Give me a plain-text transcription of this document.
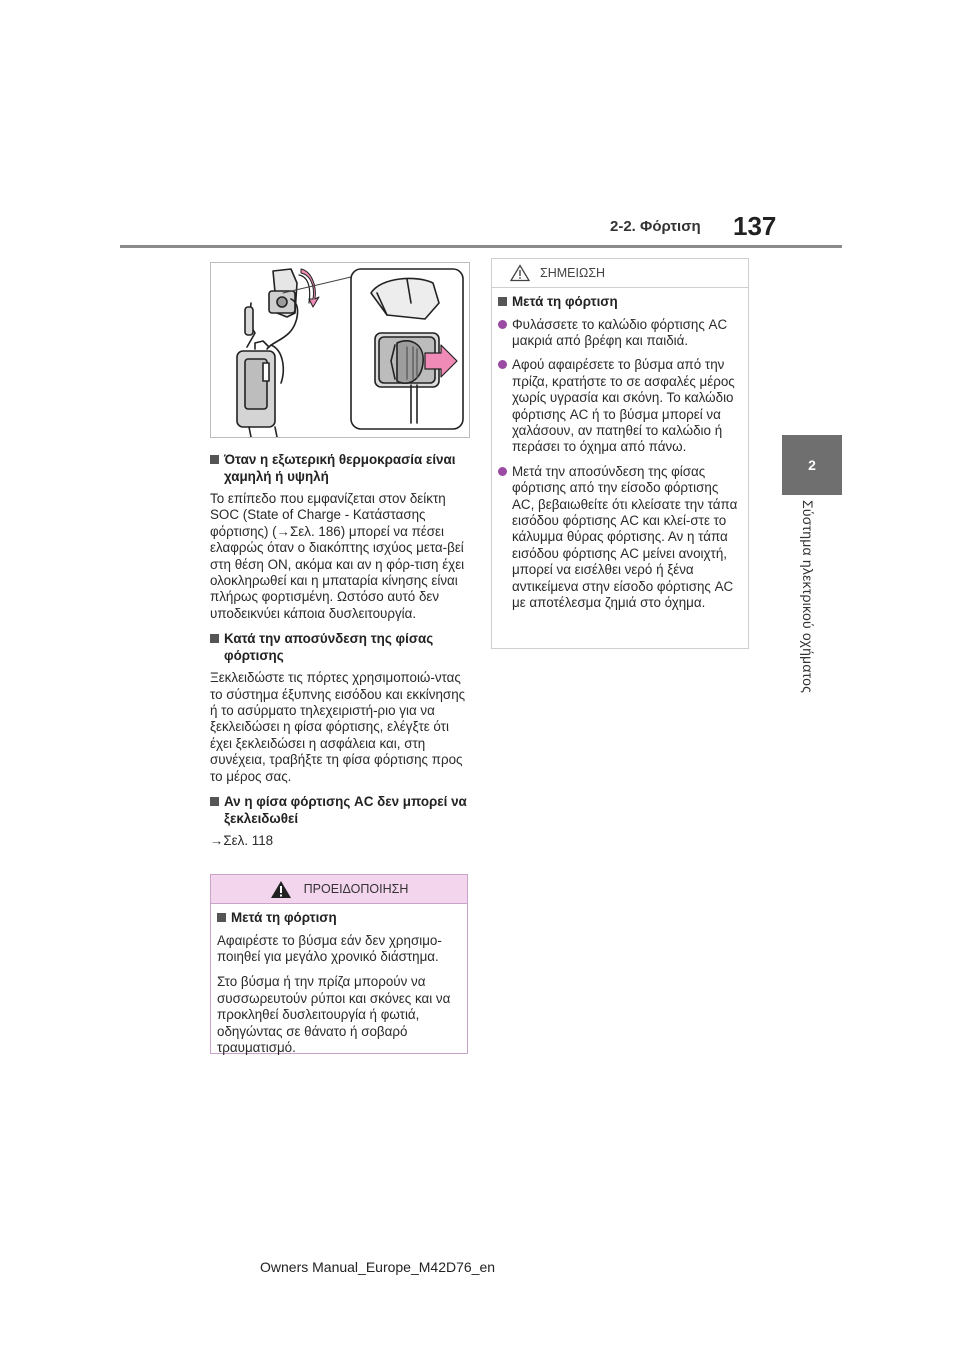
2-2. Φόρτιση 137
2
Σύστημα ηλεκτρικού οχήματος
Όταν η εξωτερική θερμοκρασία είναι χαμηλή ή υψηλή

Το επίπεδο που εμφανίζεται στον δείκτη SOC (State of Charge - Κατάστασης φόρτισης) (→Σελ. 186) μπορεί να πέσει ελαφρώς όταν ο διακόπτης ισχύος μετα-βεί στη θέση ON, ακόμα και αν η φόρ-τιση έχει ολοκληρωθεί και η μπαταρία κίνησης είναι πλήρως φορτισμένη. Ωστόσο αυτό δεν υποδεικνύει κάποια δυσλειτουργία.

Κατά την αποσύνδεση της φίσας φόρτισης

Ξεκλειδώστε τις πόρτες χρησιμοποιώ-ντας το σύστημα έξυπνης εισόδου και εκκίνησης ή το ασύρματο τηλεχειριστή-ριο για να ξεκλειδώσει η φίσα φόρτισης, ελέγξτε ότι έχει ξεκλειδώσει η ασφάλεια και, στη συνέχεια, τραβήξτε τη φίσα φόρτισης προς το μέρος σας.

Αν η φίσα φόρτισης AC δεν μπορεί να ξεκλειδωθεί

→Σελ. 118

ΠΡΟΕΙΔΟΠΟΙΗΣΗ
Μετά τη φόρτιση

Αφαιρέστε το βύσμα εάν δεν χρησιμο-ποιηθεί για μεγάλο χρονικό διάστημα.

Στο βύσμα ή την πρίζα μπορούν να συσσωρευτούν ρύποι και σκόνες και να προκληθεί δυσλειτουργία ή φωτιά, οδηγώντας σε θάνατο ή σοβαρό τραυματισμό.

ΣΗΜΕΙΩΣΗ
Μετά τη φόρτιση

Φυλάσσετε το καλώδιο φόρτισης AC μακριά από βρέφη και παιδιά.

Αφού αφαιρέσετε το βύσμα από την πρίζα, κρατήστε το σε ασφαλές μέρος χωρίς υγρασία και σκόνη. Το καλώδιο φόρτισης AC ή το βύσμα μπορεί να χαλάσουν, αν πατηθεί το καλώδιο ή περάσει το όχημα από πάνω.

Μετά την αποσύνδεση της φίσας φόρτισης από την είσοδο φόρτισης AC, βεβαιωθείτε ότι κλείσατε την τάπα εισόδου φόρτισης AC και κλεί-στε το κάλυμμα θύρας φόρτισης. Αν η τάπα εισόδου φόρτισης AC μείνει ανοιχτή, μπορεί να εισέλθει νερό ή ξένα αντικείμενα στην είσοδο φόρτισης AC με αποτέλεσμα ζημιά στο όχημα.

Owners Manual_Europe_M42D76_en
